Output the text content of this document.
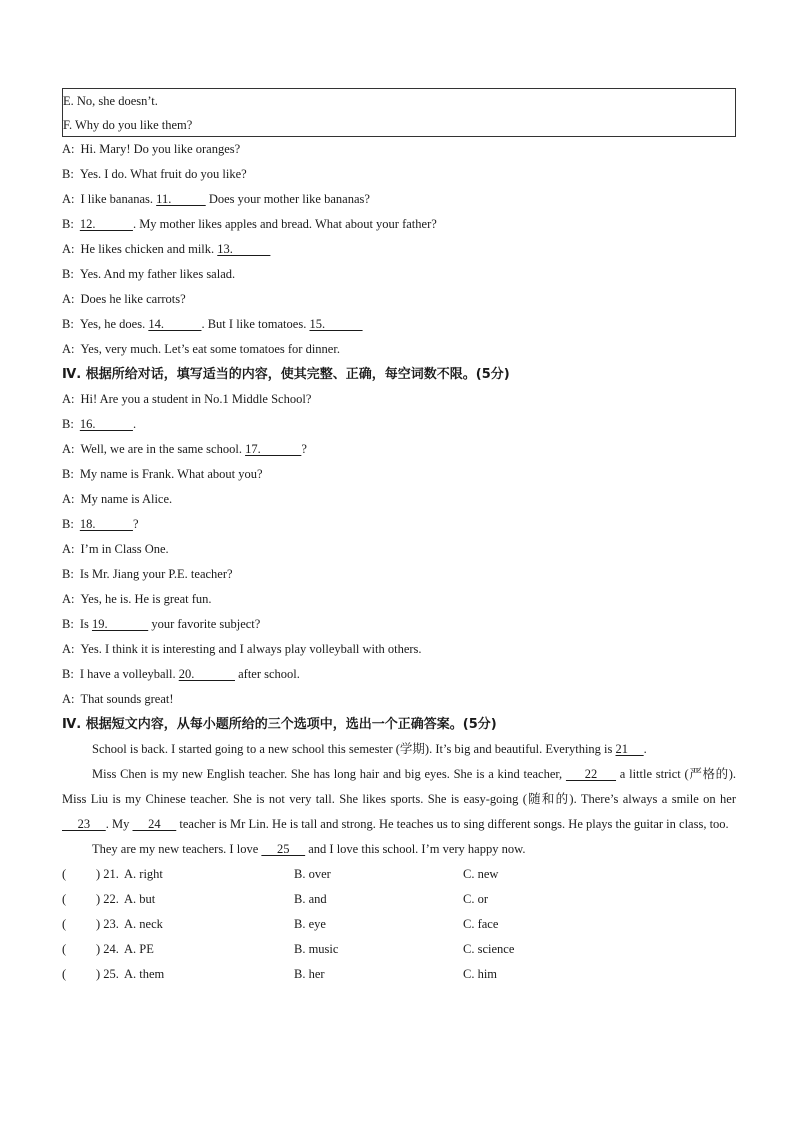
E. No, she doesn’t.
F. Why do you like them?
A: Hi. Mary! Do you like oranges?
B: Yes. I do. What fruit do you like?
A: I like bananas. 11.            Does your mother like bananas?
B: 12.            . My mother likes apples and bread. What about your father?
A: He likes chicken and milk. 13.
B: Yes. And my father likes salad.
A: Does he like carrots?
B: Yes, he does. 14.            . But I like tomatoes. 15.
A: Yes, very much. Let’s eat some tomatoes for dinner.
Ⅳ. 根据所给对话，填写适当的内容，使其完整、正确，每空词数不限。(5分)
A: Hi! Are you a student in No.1 Middle School?
B: 16.            .
A: Well, we are in the same school. 17.             ?
B: My name is Frank. What about you?
A: My name is Alice.
B: 18.            ?
A: I’m in Class One.
B: Is Mr. Jiang your P.E. teacher?
A: Yes, he is. He is great fun.
B: Is 19.              your favorite subject?
A: Yes. I think it is interesting and I always play volleyball with others.
B: I have a volleyball. 20.              after school.
A: That sounds great!
Ⅳ. 根据短文内容，从每小题所给的三个选项中，选出一个正确答案。(5分)
School is back. I started going to a new school this semester (学期). It’s big and beautiful. Everything is 21     .
Miss Chen is my new English teacher. She has long hair and big eyes. She is a kind teacher,      22      a little strict (严格的). Miss Liu is my Chinese teacher. She is not very tall. She likes sports. She is easy-going (随和的). There’s always a smile on her      23     . My      24      teacher is Mr Lin. He is tall and strong. He teaches us to sing different songs. He plays the guitar in class, too.
They are my new teachers. I love      25      and I love this school. I’m very happy now.
( ) 21. A. right	B. over	C. new
( ) 22. A. but	B. and	C. or
( ) 23. A. neck	B. eye	C. face
( ) 24. A. PE	B. music	C. science
( ) 25. A. them	B. her	C. him
